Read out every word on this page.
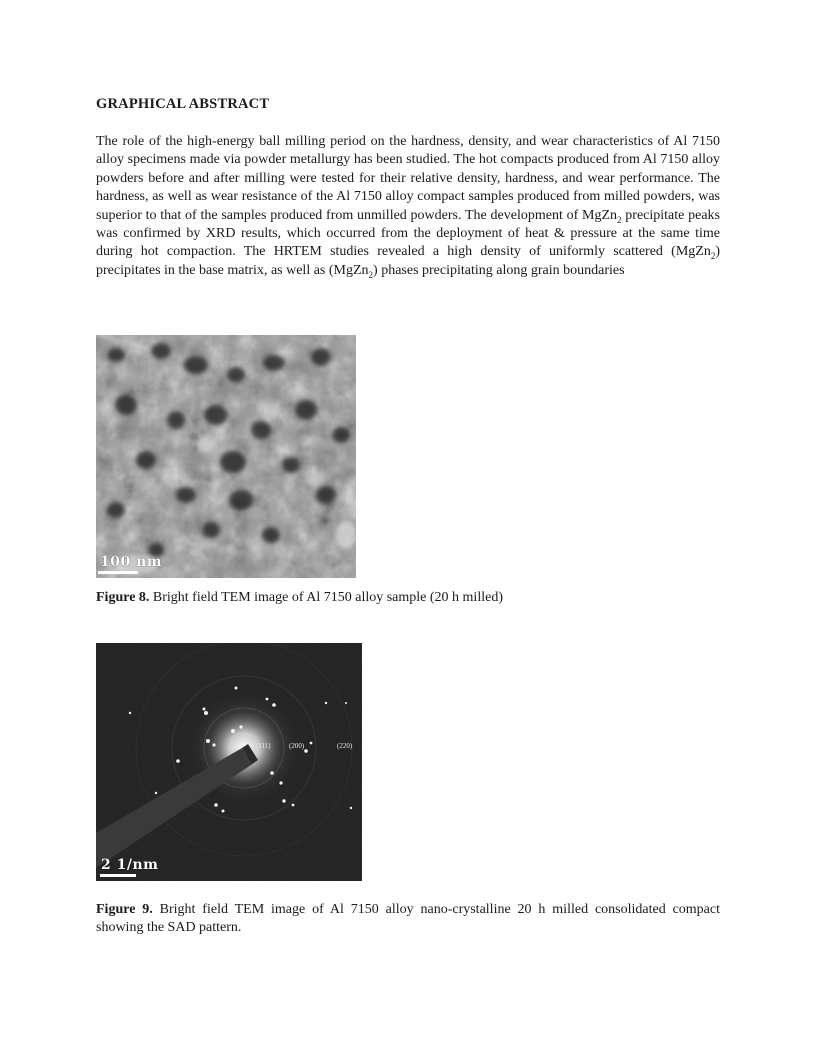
GRAPHICAL ABSTRACT

The role of the high-energy ball milling period on the hardness, density, and wear characteristics of Al 7150 alloy specimens made via powder metallurgy has been studied. The hot compacts produced from Al 7150 alloy powders before and after milling were tested for their relative density, hardness, and wear performance. The hardness, as well as wear resistance of the Al 7150 alloy compact samples produced from milled powders, was superior to that of the samples produced from unmilled powders. The development of MgZn$_2$ precipitate peaks was confirmed by XRD results, which occurred from the deployment of heat & pressure at the same time during hot compaction. The HRTEM studies revealed a high density of uniformly scattered (MgZn$_2$) precipitates in the base matrix, as well as (MgZn$_2$) phases precipitating along grain boundaries

100 nm

Figure 8. Bright field TEM image of Al 7150 alloy sample (20 h milled)

(111)	(200)	(220)
2 1/nm

Figure 9. Bright field TEM image of Al 7150 alloy nano-crystalline 20 h milled consolidated compact showing the SAD pattern.
